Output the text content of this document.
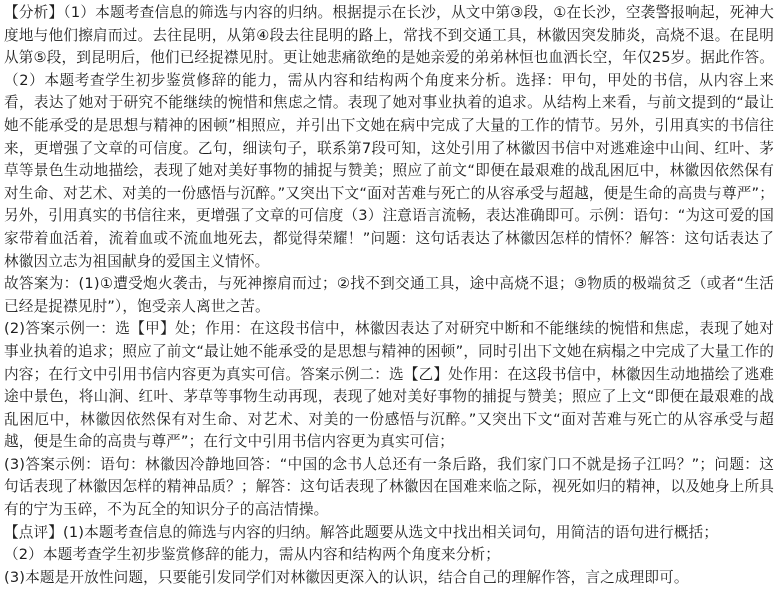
【分析】（1）本题考查信息的筛选与内容的归纳。根据提示在长沙，从文中第③段，①在长沙，空袭警报响起，死神大度地与他们擦肩而过。去往昆明，从第④段去往昆明的路上，常找不到交通工具，林徽因突发肺炎，高烧不退。在昆明从第⑤段，到昆明后，他们已经捉襟见肘。更让她悲痛欲绝的是她亲爱的弟弟林恒也血洒长空，年仅25岁。据此作答。（2）本题考查学生初步鉴赏修辞的能力，需从内容和结构两个角度来分析。选择：甲句，甲处的书信，从内容上来看，表达了她对于研究不能继续的惋惜和焦虑之情。表现了她对事业执着的追求。从结构上来看，与前文提到的“最让她不能承受的是思想与精神的困顿”相照应，并引出下文她在病中完成了大量的工作的情节。另外，引用真实的书信往来，更增强了文章的可信度。乙句，细读句子，联系第7段可知，这处引用了林徽因书信中对逃难途中山间、红叶、茅草等景色生动地描绘，表现了她对美好事物的捕捉与赞美；照应了前文“即便在最艰难的战乱困厄中，林徽因依然保有对生命、对艺术、对美的一份感悟与沉醉。”又突出下文“面对苦难与死亡的从容承受与超越，便是生命的高贵与尊严”；另外，引用真实的书信往来，更增强了文章的可信度（3）注意语言流畅，表达准确即可。示例：语句：“为这可爱的国家带着血活着，流着血或不流血地死去，都觉得荣耀！”问题：这句话表达了林徽因怎样的情怀？解答：这句话表达了林徽因立志为祖国献身的爱国主义情怀。

故答案为：(1)①遭受炮火袭击，与死神擦肩而过；②找不到交通工具，途中高烧不退；③物质的极端贫乏（或者“生活已经是捉襟见肘”），饱受亲人离世之苦。

(2)答案示例一：选【甲】处；作用：在这段书信中，林徽因表达了对研究中断和不能继续的惋惜和焦虑，表现了她对事业执着的追求；照应了前文“最让她不能承受的是思想与精神的困顿”，同时引出下文她在病榻之中完成了大量工作的内容；在行文中引用书信内容更为真实可信。答案示例二：选【乙】处作用：在这段书信中，林徽因生动地描绘了逃难途中景色，将山涧、红叶、茅草等事物生动再现，表现了她对美好事物的捕捉与赞美；照应了上文“即便在最艰难的战乱困厄中，林徽因依然保有对生命、对艺术、对美的一份感悟与沉醉。”又突出下文“面对苦难与死亡的从容承受与超越，便是生命的高贵与尊严”；在行文中引用书信内容更为真实可信；

(3)答案示例：语句：林徽因冷静地回答：“中国的念书人总还有一条后路，我们家门口不就是扬子江吗？”；问题：这句话表现了林徽因怎样的精神品质？；解答：这句话表现了林徽因在国难来临之际，视死如归的精神，以及她身上所具有的宁为玉碎，不为瓦全的知识分子的高洁情操。

【点评】(1)本题考查信息的筛选与内容的归纳。解答此题要从选文中找出相关词句，用简洁的语句进行概括；

（2）本题考查学生初步鉴赏修辞的能力，需从内容和结构两个角度来分析；

(3)本题是开放性问题，只要能引发同学们对林徽因更深入的认识，结合自己的理解作答，言之成理即可。
